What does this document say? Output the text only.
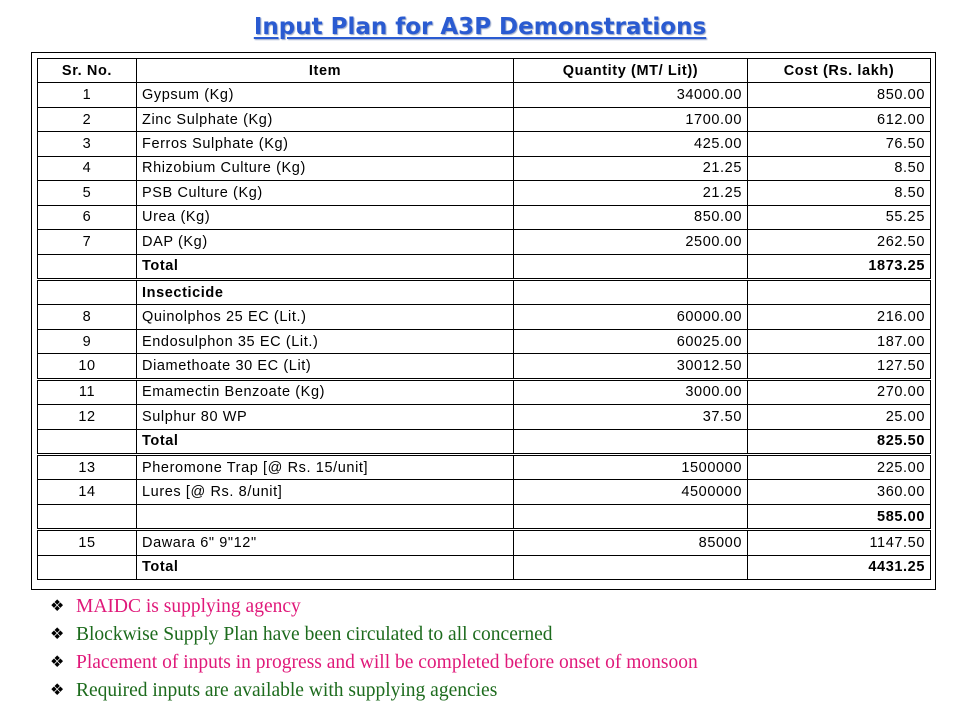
Input Plan for A3P Demonstrations
Sr. No.	Item	Quantity (MT/ Lit))	Cost (Rs. lakh)
1	Gypsum (Kg)	34000.00	850.00
2	Zinc Sulphate (Kg)	1700.00	612.00
3	Ferros Sulphate (Kg)	425.00	76.50
4	Rhizobium Culture (Kg)	21.25	8.50
5	PSB Culture (Kg)	21.25	8.50
6	Urea (Kg)	850.00	55.25
7	DAP (Kg)	2500.00	262.50
	Total		1873.25

	Insecticide		
8	Quinolphos 25 EC (Lit.)	60000.00	216.00
9	Endosulphon 35 EC (Lit.)	60025.00	187.00
10	Diamethoate 30 EC (Lit)	30012.50	127.50

11	Emamectin Benzoate (Kg)	3000.00	270.00
12	Sulphur 80 WP	37.50	25.00
	Total		825.50

13	Pheromone Trap [@ Rs. 15/unit]	1500000	225.00
14	Lures [@ Rs. 8/unit]	4500000	360.00
			585.00

15	Dawara 6" 9"12"	85000	1147.50
	Total		4431.25
❖ MAIDC is supplying agency
❖ Blockwise Supply Plan have been circulated to all concerned
❖ Placement of inputs in progress and will be completed before onset of monsoon
❖ Required inputs are available with supplying agencies
